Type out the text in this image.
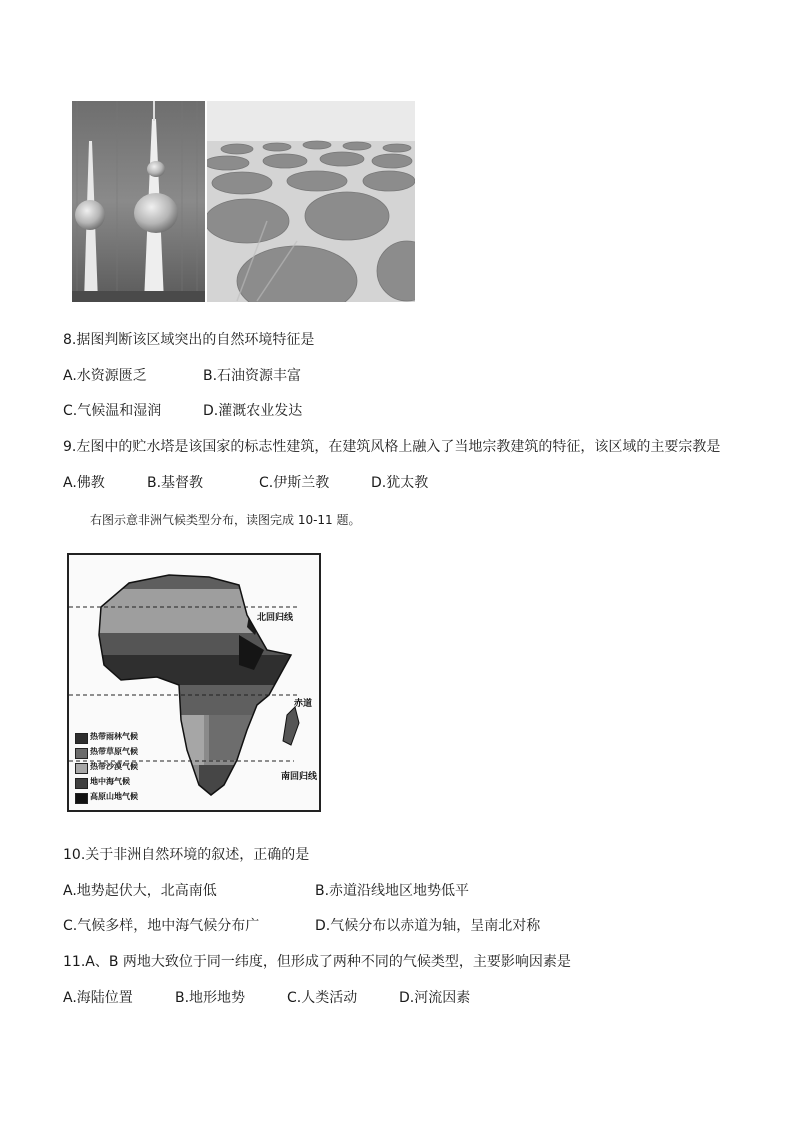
8.据图判断该区域突出的自然环境特征是
A.水资源匮乏	B.石油资源丰富
C.气候温和湿润	D.灌溉农业发达
9.左图中的贮水塔是该国家的标志性建筑，在建筑风格上融入了当地宗教建筑的特征，该区域的主要宗教是
A.佛教	B.基督教	C.伊斯兰教	D.犹太教
右图示意非洲气候类型分布，读图完成 10-11 题。
北回归线
赤道
南回归线
热带雨林气候
热带草原气候
热带沙漠气候
地中海气候
高原山地气候
10.关于非洲自然环境的叙述，正确的是
A.地势起伏大，北高南低	B.赤道沿线地区地势低平
C.气候多样，地中海气候分布广	D.气候分布以赤道为轴，呈南北对称
11.A、B 两地大致位于同一纬度，但形成了两种不同的气候类型，主要影响因素是
A.海陆位置	B.地形地势	C.人类活动	D.河流因素
